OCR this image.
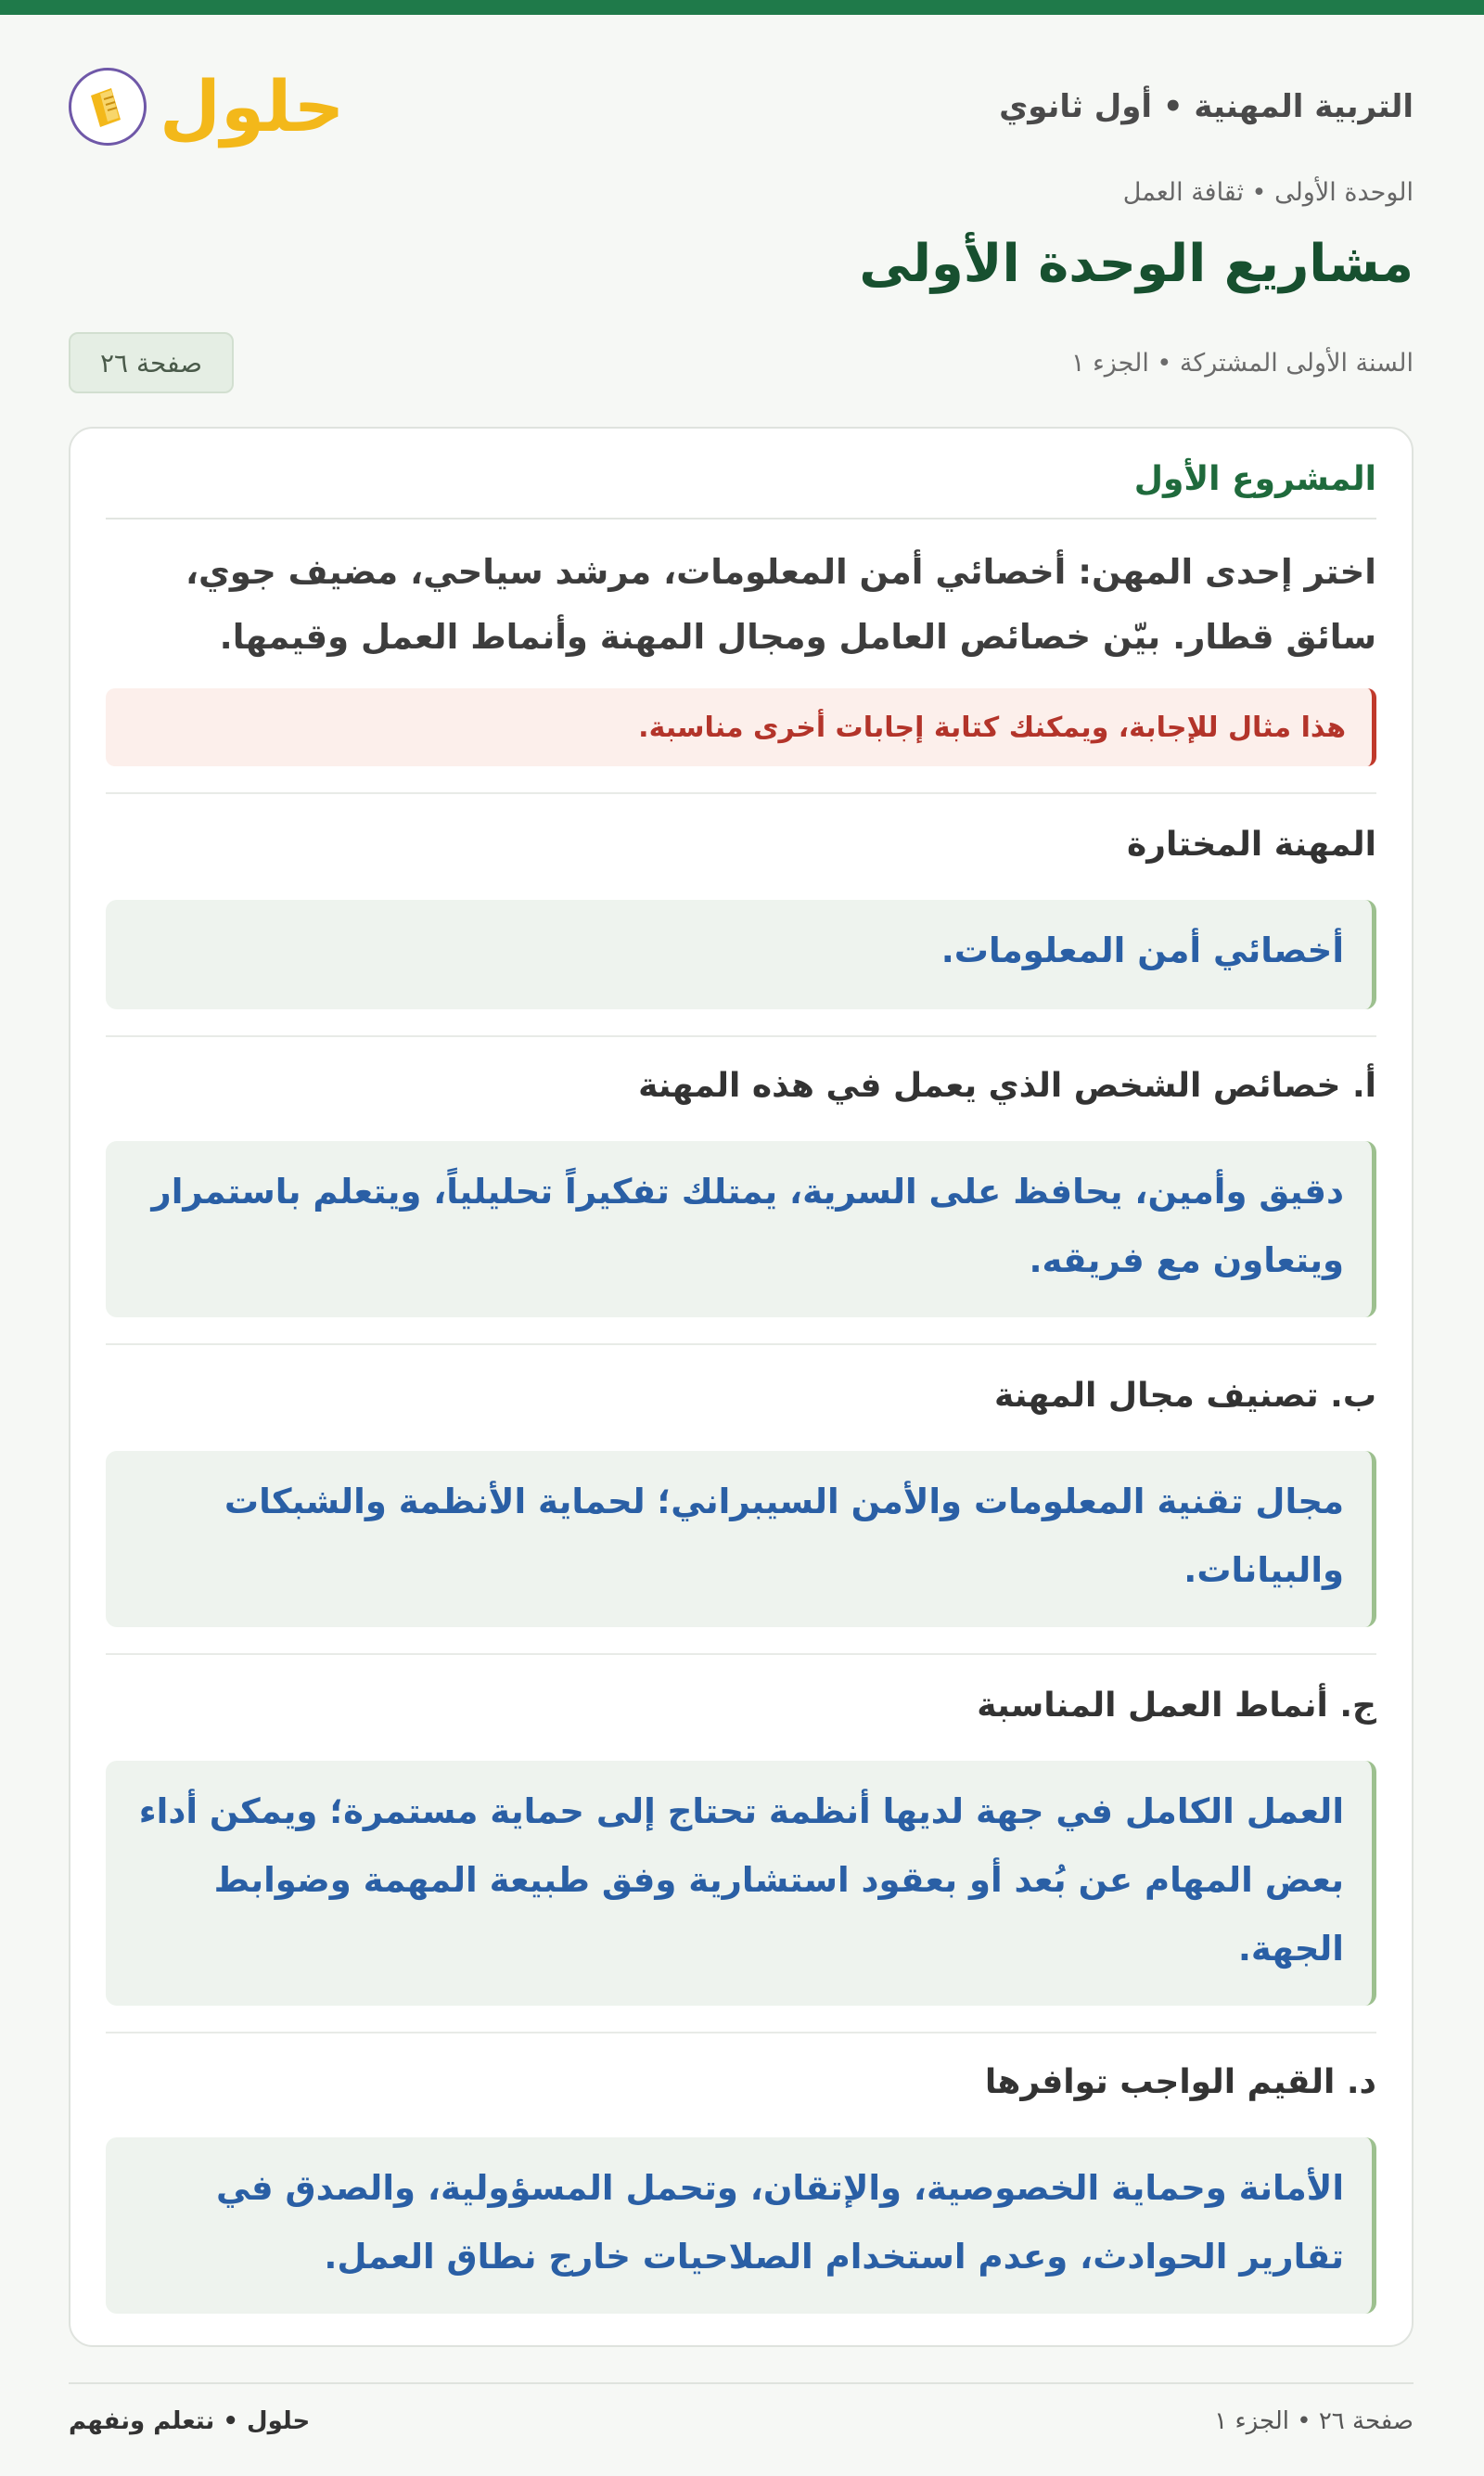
التربية المهنية • أول ثانوي
حلول
الوحدة الأولى • ثقافة العمل
مشاريع الوحدة الأولى
السنة الأولى المشتركة • الجزء ١
صفحة ٢٦
المشروع الأول

اختر إحدى المهن: أخصائي أمن المعلومات، مرشد سياحي، مضيف جوي، سائق قطار. بيّن خصائص العامل ومجال المهنة وأنماط العمل وقيمها.

هذا مثال للإجابة، ويمكنك كتابة إجابات أخرى مناسبة.
المهنة المختارة
أخصائي أمن المعلومات.
أ. خصائص الشخص الذي يعمل في هذه المهنة
دقيق وأمين، يحافظ على السرية، يمتلك تفكيراً تحليلياً، ويتعلم باستمرار ويتعاون مع فريقه.
ب. تصنيف مجال المهنة
مجال تقنية المعلومات والأمن السيبراني؛ لحماية الأنظمة والشبكات والبيانات.
ج. أنماط العمل المناسبة
العمل الكامل في جهة لديها أنظمة تحتاج إلى حماية مستمرة؛ ويمكن أداء بعض المهام عن بُعد أو بعقود استشارية وفق طبيعة المهمة وضوابط الجهة.
د. القيم الواجب توافرها
الأمانة وحماية الخصوصية، والإتقان، وتحمل المسؤولية، والصدق في تقارير الحوادث، وعدم استخدام الصلاحيات خارج نطاق العمل.
صفحة ٢٦ • الجزء ١
حلول • نتعلم ونفهم
